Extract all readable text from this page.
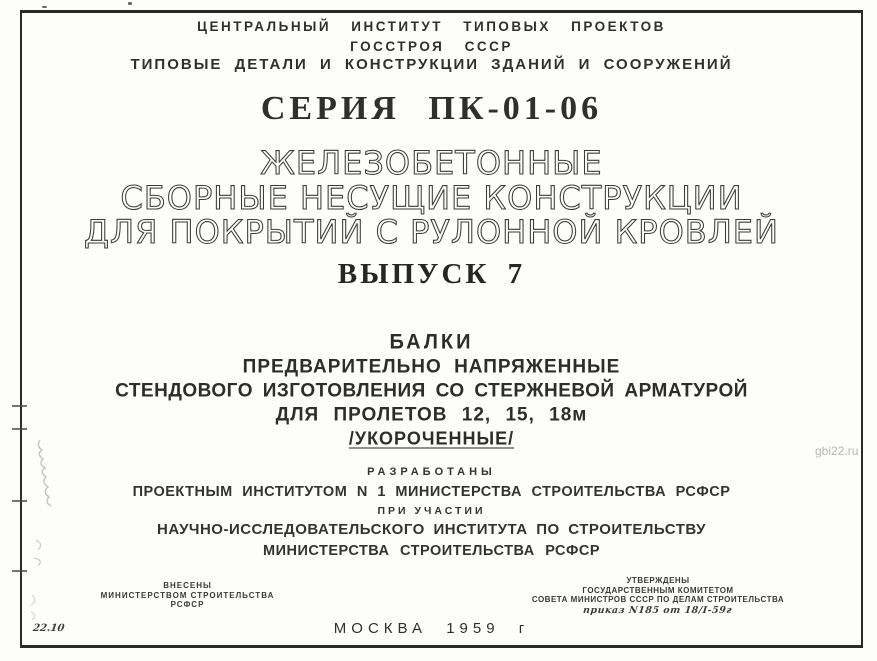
ЦЕНТРАЛЬНЫЙ ИНСТИТУТ ТИПОВЫХ ПРОЕКТОВ
ГОССТРОЯ СССР
ТИПОВЫЕ ДЕТАЛИ И КОНСТРУКЦИИ ЗДАНИЙ И СООРУЖЕНИЙ
СЕРИЯ ПК-01-06
ЖЕЛЕЗОБЕТОННЫЕ
СБОРНЫЕ НЕСУЩИЕ КОНСТРУКЦИИ
ДЛЯ ПОКРЫТИЙ С РУЛОННОЙ КРОВЛЕЙ
ВЫПУСК 7
БАЛКИ
ПРЕДВАРИТЕЛЬНО НАПРЯЖЕННЫЕ
СТЕНДОВОГО ИЗГОТОВЛЕНИЯ СО СТЕРЖНЕВОЙ АРМАТУРОЙ
ДЛЯ ПРОЛЕТОВ 12, 15, 18м
/УКОРОЧЕННЫЕ/
РАЗРАБОТАНЫ
ПРОЕКТНЫМ ИНСТИТУТОМ N 1 МИНИСТЕРСТВА СТРОИТЕЛЬСТВА РСФСР
ПРИ УЧАСТИИ
НАУЧНО-ИССЛЕДОВАТЕЛЬСКОГО ИНСТИТУТА ПО СТРОИТЕЛЬСТВУ
МИНИСТЕРСТВА СТРОИТЕЛЬСТВА РСФСР
ВНЕСЕНЫ
МИНИСТЕРСТВОМ СТРОИТЕЛЬСТВА
РСФСР
УТВЕРЖДЕНЫ
ГОСУДАРСТВЕННЫМ КОМИТЕТОМ
СОВЕТА МИНИСТРОВ СССР ПО ДЕЛАМ СТРОИТЕЛЬСТВА
приказ N185 от 18/I-59г
МОСКВА 1959 г
22.10
gbi22.ru
